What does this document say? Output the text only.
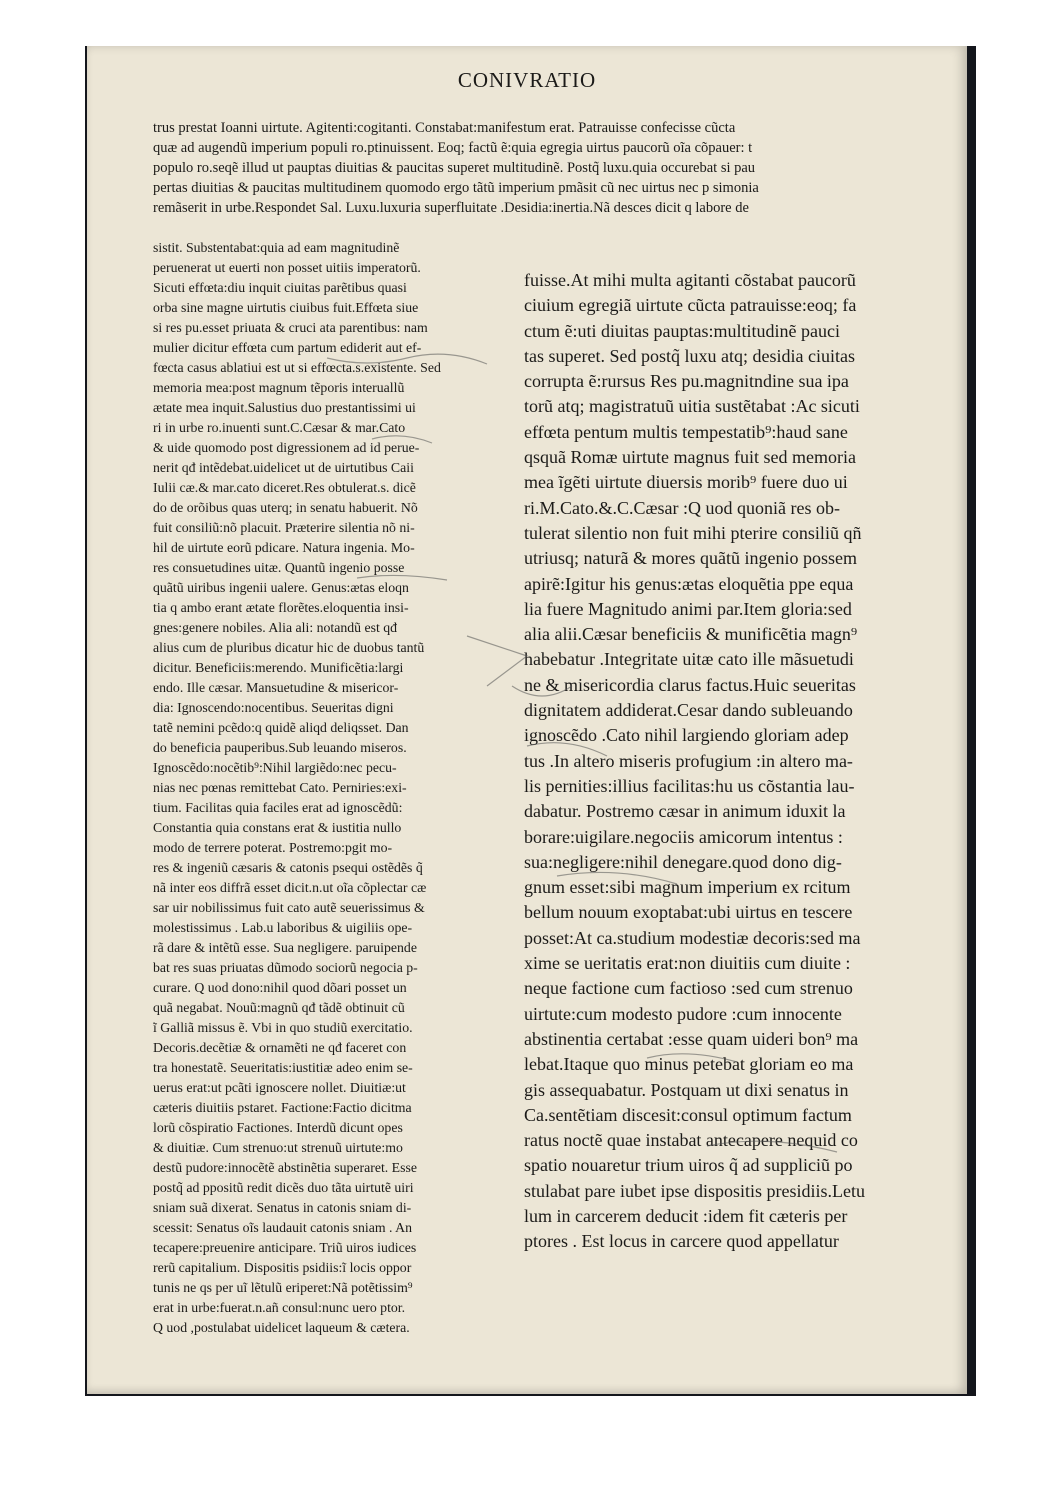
CONIVRATIO
trus prestat Ioanni uirtute. Agitenti:cogitanti. Constabat:manifestum erat. Patrauisse confecisse cũcta
quæ ad augendũ imperium populi ro.ptinuissent. Eoq; factũ ẽ:quia egregia uirtus paucorũ oĩa cõpauer: t
populo ro.seqẽ illud ut pauptas diuitias & paucitas superet multitudinẽ. Postq̃ luxu.quia occurebat si pau
pertas diuitias & paucitas multitudinem quomodo ergo tãtũ imperium pmãsit cũ nec uirtus nec p simonia
remãserit in urbe.Respondet Sal. Luxu.luxuria superfluitate .Desidia:inertia.Nã desces dicit q labore de
sistit. Substentabat:quia ad eam magnitudinẽ
peruenerat ut euerti non posset uitiis imperatorũ.
Sicuti effœta:diu inquit ciuitas parẽtibus quasi
orba sine magne uirtutis ciuibus fuit.Effœta siue
si res pu.esset priuata & cruci ata parentibus: nam
mulier dicitur effœta cum partum ediderit aut ef-
fœcta casus ablatiui est ut si effœcta.s.existente. Sed
memoria mea:post magnum tẽporis interuallũ
ætate mea inquit.Salustius duo prestantissimi ui
ri in urbe ro.inuenti sunt.C.Cæsar & mar.Cato
& uide quomodo post digressionem ad id perue-
nerit qđ intẽdebat.uidelicet ut de uirtutibus Caii
Iulii cæ.& mar.cato diceret.Res obtulerat.s. dicẽ
do de orõibus quas uterq; in senatu habuerit. Nõ
fuit consiliũ:nõ placuit. Præterire silentia nõ ni-
hil de uirtute eorũ pdicare. Natura ingenia. Mo-
res consuetudines uitæ. Quantũ ingenio posse
quãtũ uiribus ingenii ualere. Genus:ætas eloqn
tia q ambo erant ætate florẽtes.eloquentia insi-
gnes:genere nobiles. Alia ali: notandũ est qđ
alius cum de pluribus dicatur hic de duobus tantũ
dicitur. Beneficiis:merendo. Munificẽtia:largi
endo. Ille cæsar. Mansuetudine & misericor-
dia: Ignoscendo:nocentibus. Seueritas digni
tatẽ nemini pcẽdo:q quidẽ aliqd deliqsset. Dan
do beneficia pauperibus.Sub leuando miseros.
Ignoscẽdo:nocẽtib⁹:Nihil largiẽdo:nec pecu-
nias nec pœnas remittebat Cato. Perniries:exi-
tium. Facilitas quia faciles erat ad ignoscẽdũ:
Constantia quia constans erat & iustitia nullo
modo de terrere poterat. Postremo:pgit mo-
res & ingeniũ cæsaris & catonis psequi ostẽdẽs q̃
nã inter eos diffrã esset dicit.n.ut oĩa cõplectar cæ
sar uir nobilissimus fuit cato autẽ seuerissimus &
molestissimus . Lab.u laboribus & uigiliis ope-
rã dare & intẽtũ esse. Sua negligere. paruipende
bat res suas priuatas dũmodo sociorũ negocia p-
curare. Q uod dono:nihil quod dõari posset un
quã negabat. Nouũ:magnũ qđ tãdẽ obtinuit cũ
ĩ Galliã missus ẽ. Vbi in quo studiũ exercitatio.
Decoris.decẽtiæ & ornamẽti ne qđ faceret con
tra honestatẽ. Seueritatis:iustitiæ adeo enim se-
uerus erat:ut pcãti ignoscere nollet. Diuitiæ:ut
cæteris diuitiis pstaret. Factione:Factio dicitma
lorũ cõspiratio Factiones. Interdũ dicunt opes
& diuitiæ. Cum strenuo:ut strenuũ uirtute:mo
destũ pudore:innocẽtẽ abstinẽtia superaret. Esse
postq̃ ad ppositũ redit dicẽs duo tãta uirtutẽ uiri
sniam suã dixerat. Senatus in catonis sniam di-
scessit: Senatus oĩs laudauit catonis sniam . An
tecapere:preuenire anticipare. Triũ uiros iudices
rerũ capitalium. Dispositis psidiis:ĩ locis oppor
tunis ne qs per uĩ lẽtulũ eriperet:Nã potẽtissim⁹
erat in urbe:fuerat.n.añ consul:nunc uero ptor.
Q uod ,postulabat uidelicet laqueum & cætera.
fuisse.At mihi multa agitanti cõstabat paucorũ
ciuium egregiã uirtute cũcta patrauisse:eoq; fa
ctum ẽ:uti diuitas pauptas:multitudinẽ pauci
tas superet. Sed postq̃ luxu atq; desidia ciuitas
corrupta ẽ:rursus Res pu.magnitndine sua ipa
torũ atq; magistratuũ uitia sustẽtabat :Ac sicuti
effœta pentum multis tempestatib⁹:haud sane
qsquã Romæ uirtute magnus fuit sed memoria
mea ĩgẽti uirtute diuersis morib⁹ fuere duo ui
ri.M.Cato.&.C.Cæsar :Q uod quoniã res ob-
tulerat silentio non fuit mihi pterire consiliũ qñ
utriusq; naturã & mores quãtũ ingenio possem
apirẽ:Igitur his genus:ætas eloquẽtia ppe equa
lia fuere Magnitudo animi par.Item gloria:sed
alia alii.Cæsar beneficiis & munificẽtia magn⁹
habebatur .Integritate uitæ cato ille mãsuetudi
ne & misericordia clarus factus.Huic seueritas
dignitatem addiderat.Cesar dando subleuando
ignoscẽdo .Cato nihil largiendo gloriam adep
tus .In altero miseris profugium :in altero ma-
lis pernities:illius facilitas:hu us cõstantia lau-
dabatur. Postremo cæsar in animum iduxit la
borare:uigilare.negociis amicorum intentus :
sua:negligere:nihil denegare.quod dono dig-
gnum esset:sibi magnum imperium ex rcitum
bellum nouum exoptabat:ubi uirtus en tescere
posset:At ca.studium modestiæ decoris:sed ma
xime se ueritatis erat:non diuitiis cum diuite :
neque factione cum factioso :sed cum strenuo
uirtute:cum modesto pudore :cum innocente
abstinentia certabat :esse quam uideri bon⁹ ma
lebat.Itaque quo minus petebat gloriam eo ma
gis assequabatur. Postquam ut dixi senatus in
Ca.sentẽtiam discesit:consul optimum factum
ratus noctẽ quae instabat antecapere nequid co
spatio nouaretur trium uiros q̃ ad suppliciũ po
stulabat pare iubet ipse dispositis presidiis.Letu
lum in carcerem deducit :idem fit cæteris per
ptores . Est locus in carcere quod appellatur
